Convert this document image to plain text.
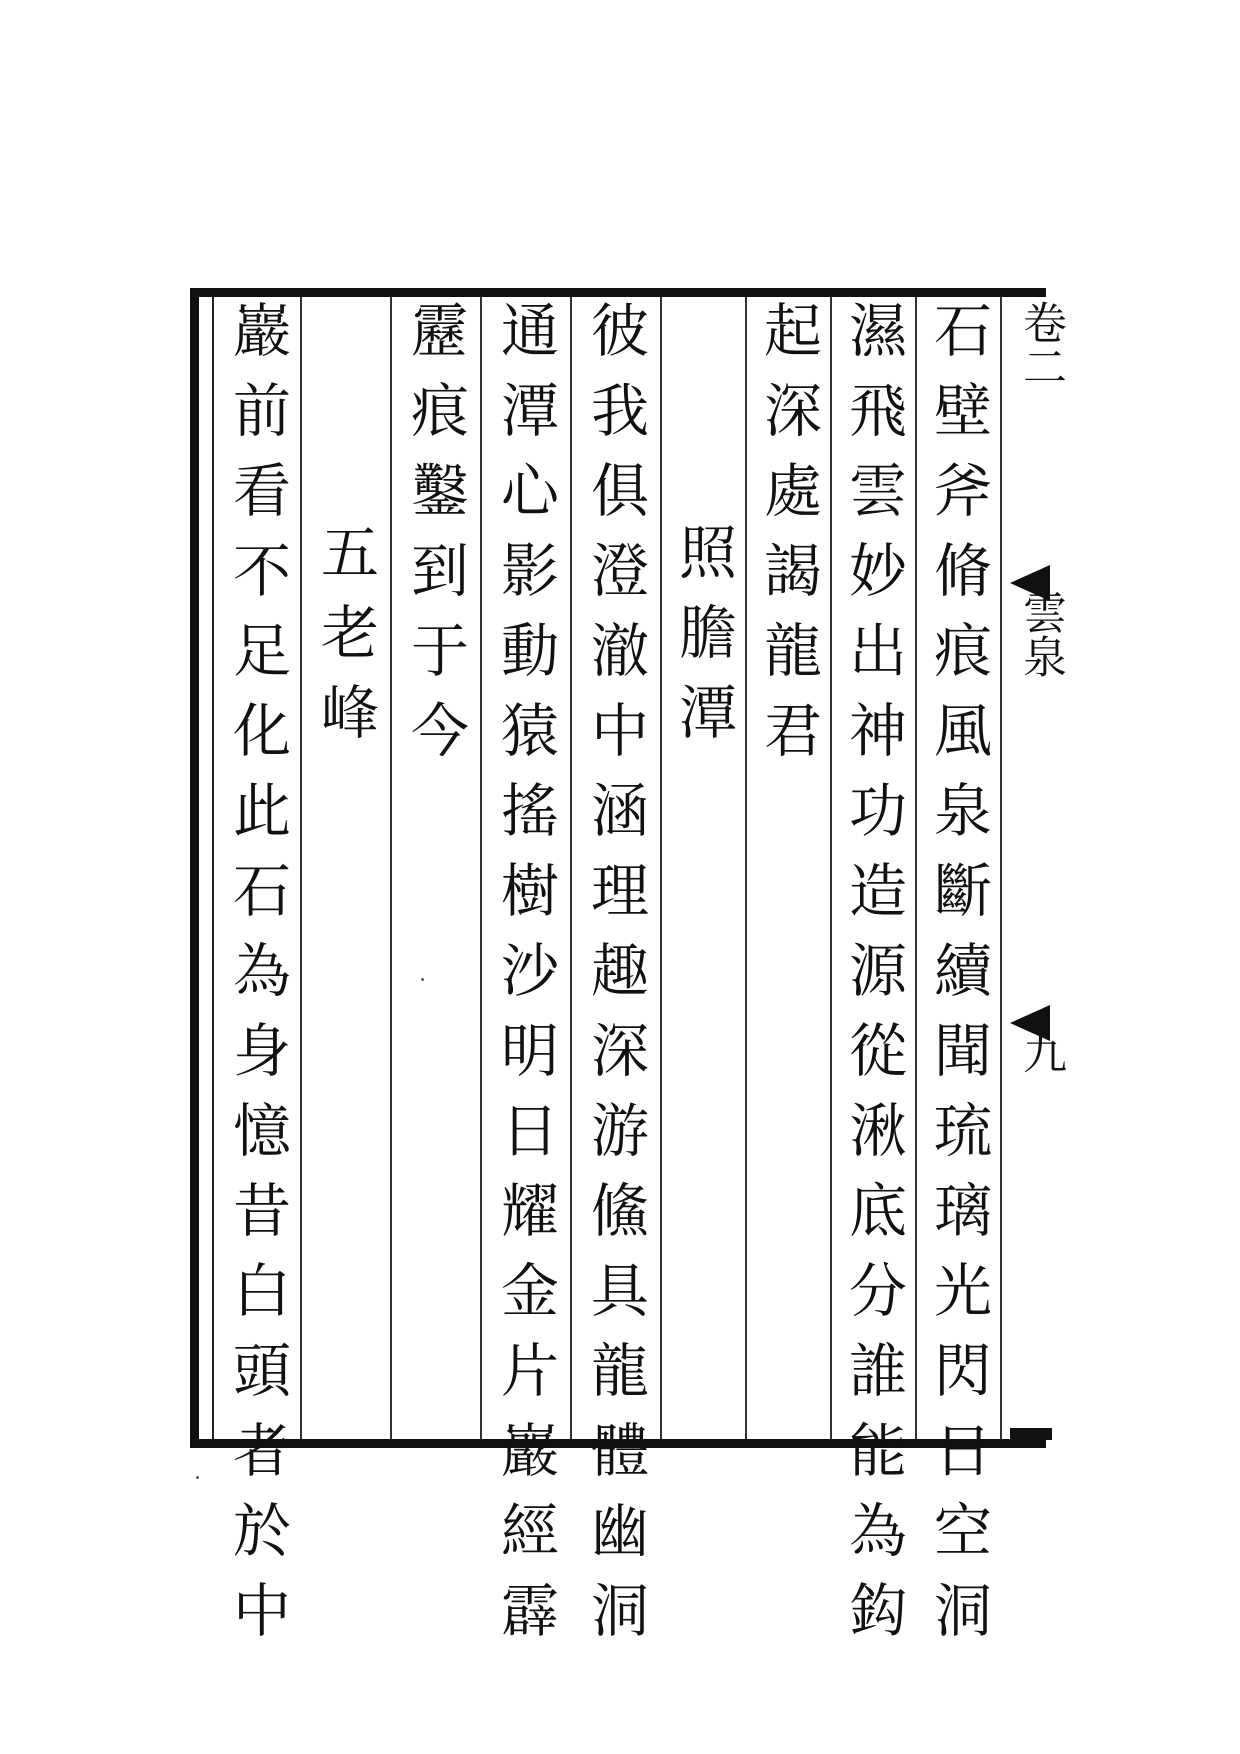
石壁斧脩痕風泉斷續聞琉璃光閃日空洞
濕飛雲妙出神功造源從湫底分誰能為鈎
起深處謁龍君
照膽潭
彼我俱澄澈中涵理趣深游鯈具龍體幽洞
通潭心影動猿搖樹沙明日耀金片巖經霹
靂痕鑿到于今
五老峰
巖前看不足化此石為身憶昔白頭者於中	卷二
雲泉
九
